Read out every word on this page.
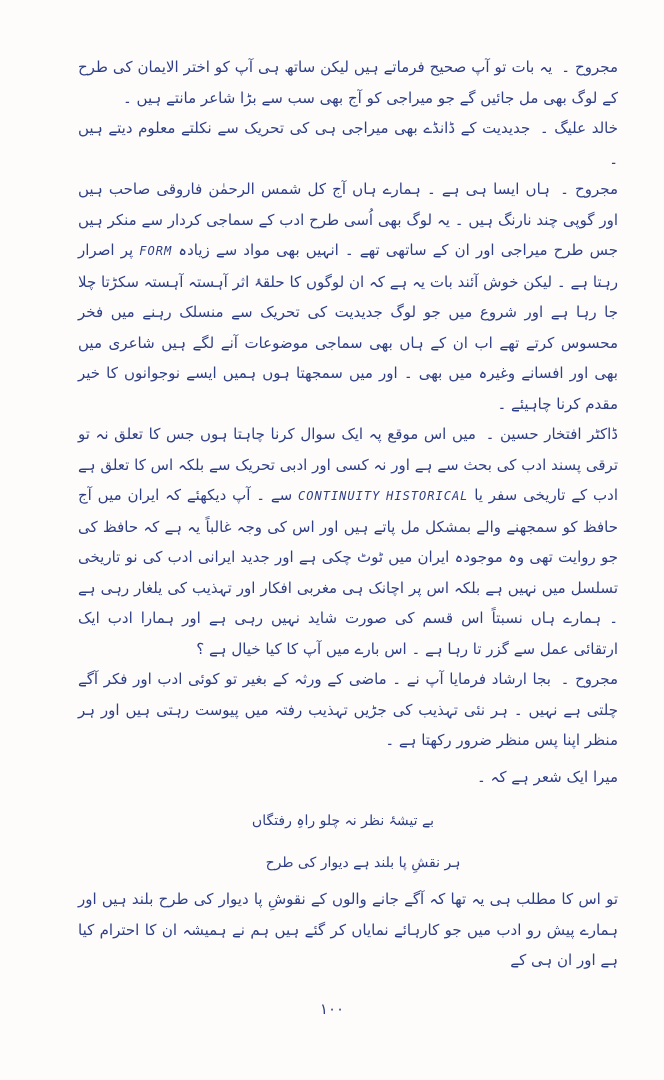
مجروح ۔ یہ بات تو آپ صحیح فرماتے ہیں لیکن ساتھ ہی آپ کو اختر الایمان کی طرح کے لوگ بھی مل جائیں گے جو میراجی کو آج بھی سب سے بڑا شاعر مانتے ہیں ۔

خالد علیگ ۔ جدیدیت کے ڈانڈے بھی میراجی ہی کی تحریک سے نکلتے معلوم دیتے ہیں ۔

مجروح ۔ ہاں ایسا ہی ہے ۔ ہمارے ہاں آج کل شمس الرحمٰن فاروقی صاحب ہیں اور گوپی چند نارنگ ہیں ۔ یہ لوگ بھی اُسی طرح ادب کے سماجی کردار سے منکر ہیں جس طرح میراجی اور ان کے ساتھی تھے ۔ انہیں بھی مواد سے زیادہ FORM پر اصرار رہتا ہے ۔ لیکن خوش آئند بات یہ ہے کہ ان لوگوں کا حلقۂ اثر آہستہ آہستہ سکڑتا چلا جا رہا ہے اور شروع میں جو لوگ جدیدیت کی تحریک سے منسلک رہنے میں فخر محسوس کرتے تھے اب ان کے ہاں بھی سماجی موضوعات آنے لگے ہیں شاعری میں بھی اور افسانے وغیرہ میں بھی ۔ اور میں سمجھتا ہوں ہمیں ایسے نوجوانوں کا خیر مقدم کرنا چاہیئے ۔

ڈاکٹر افتخار حسین ۔ میں اس موقع پہ ایک سوال کرنا چاہتا ہوں جس کا تعلق نہ تو ترقی پسند ادب کی بحث سے ہے اور نہ کسی اور ادبی تحریک سے بلکہ اس کا تعلق ہے ادب کے تاریخی سفر یا HISTORICAL CONTINUITY سے ۔ آپ دیکھئے کہ ایران میں آج حافظ کو سمجھنے والے بمشکل مل پاتے ہیں اور اس کی وجہ غالباً یہ ہے کہ حافظ کی جو روایت تھی وہ موجودہ ایران میں ٹوٹ چکی ہے اور جدید ایرانی ادب کی نو تاریخی تسلسل میں نہیں ہے بلکہ اس پر اچانک ہی مغربی افکار اور تہذیب کی یلغار رہی ہے ۔ ہمارے ہاں نسبتاً اس قسم کی صورت شاید نہیں رہی ہے اور ہمارا ادب ایک ارتقائی عمل سے گزر تا رہا ہے ۔ اس بارے میں آپ کا کیا خیال ہے ؟

مجروح ۔ بجا ارشاد فرمایا آپ نے ۔ ماضی کے ورثہ کے بغیر تو کوئی ادب اور فکر آگے چلتی ہے نہیں ۔ ہر نئی تہذیب کی جڑیں تہذیب رفتہ میں پیوست رہتی ہیں اور ہر منظر اپنا پس منظر ضرور رکھتا ہے ۔

میرا ایک شعر ہے کہ ۔

بے تیشۂ نظر نہ چلو راہِ رفتگاں
ہر نقشِ پا بلند ہے دیوار کی طرح

تو اس کا مطلب ہی یہ تھا کہ آگے جانے والوں کے نقوشِ پا دیوار کی طرح بلند ہیں اور ہمارے پیش رو ادب میں جو کارہائے نمایاں کر گئے ہیں ہم نے ہمیشہ ان کا احترام کیا ہے اور ان ہی کے

١٠٠
